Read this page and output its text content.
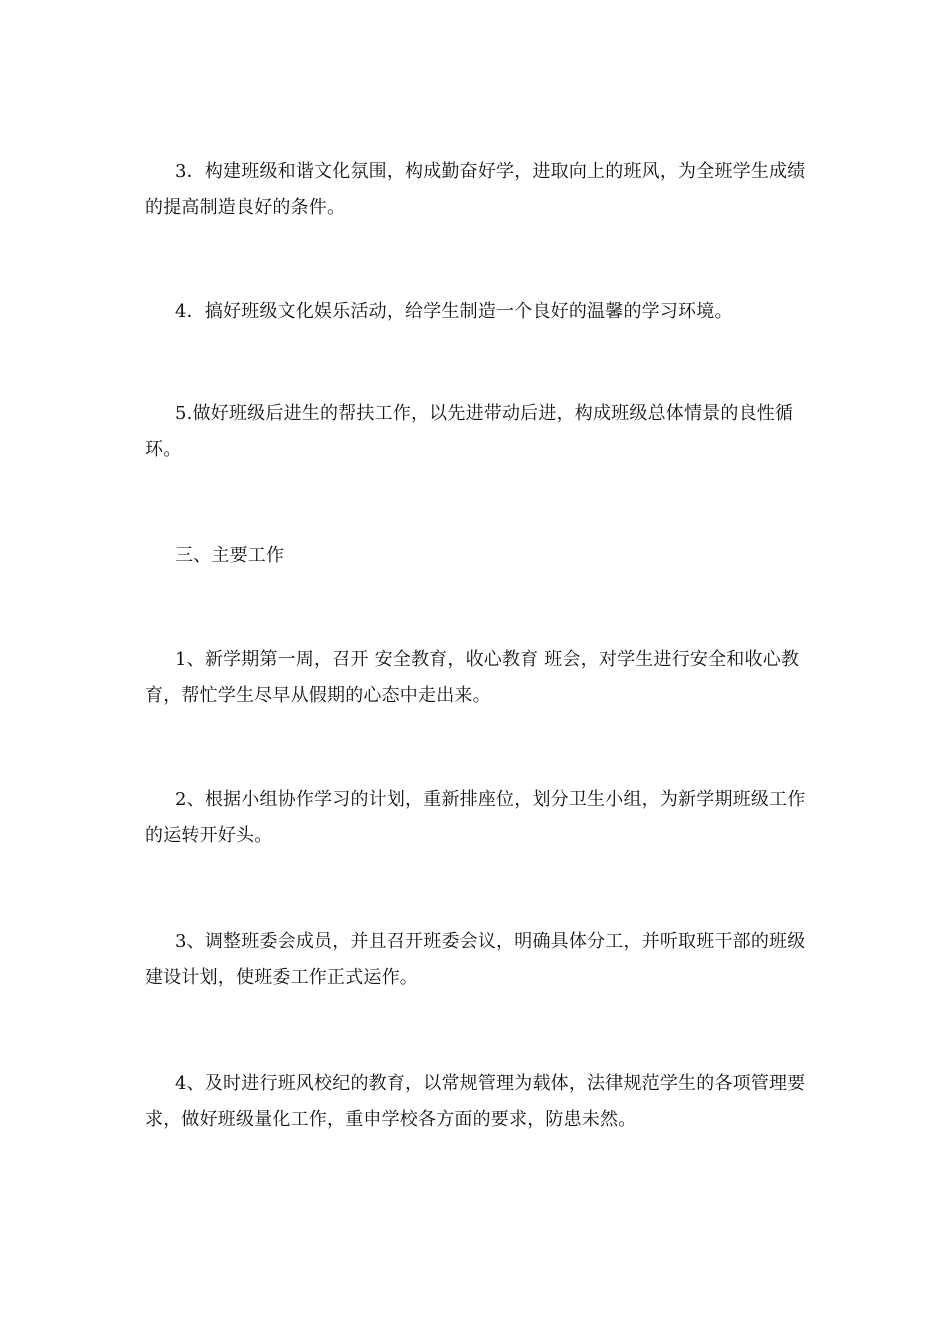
3．构建班级和谐文化氛围，构成勤奋好学，进取向上的班风，为全班学生成绩的提高制造良好的条件。

4．搞好班级文化娱乐活动，给学生制造一个良好的温馨的学习环境。

5.做好班级后进生的帮扶工作，以先进带动后进，构成班级总体情景的良性循环。

三、主要工作

1、新学期第一周，召开 安全教育，收心教育 班会，对学生进行安全和收心教育，帮忙学生尽早从假期的心态中走出来。

2、根据小组协作学习的计划，重新排座位，划分卫生小组，为新学期班级工作的运转开好头。

3、调整班委会成员，并且召开班委会议，明确具体分工，并听取班干部的班级建设计划，使班委工作正式运作。

4、及时进行班风校纪的教育，以常规管理为载体，法律规范学生的各项管理要求，做好班级量化工作，重申学校各方面的要求，防患未然。
